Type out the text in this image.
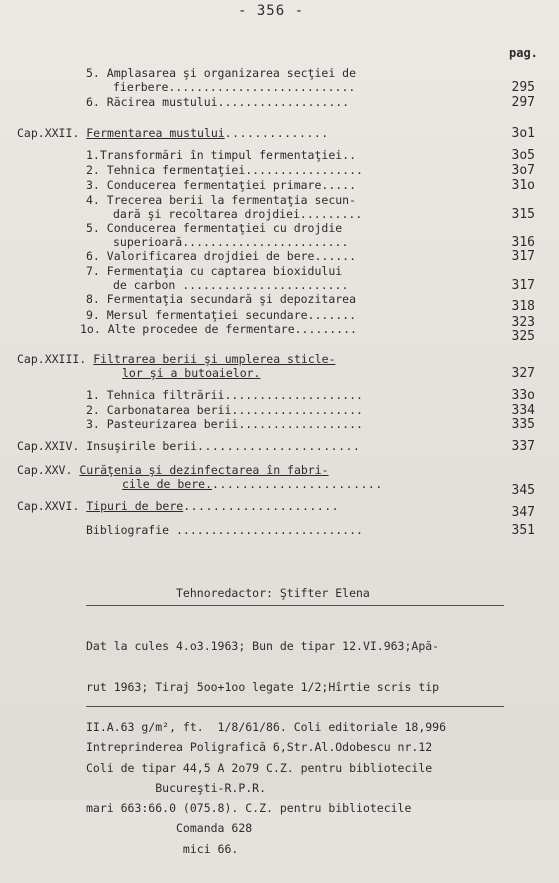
- 356 -
pag.
5. Amplasarea şi organizarea secţiei de
fierbere...........................	295
6. Răcirea mustului...................	297
Cap.XXII. Fermentarea mustului..............	3o1
1.Transformări în timpul fermentaţiei..	3o5
2. Tehnica fermentaţiei.................	3o7
3. Conducerea fermentaţiei primare.....	31o
4. Trecerea berii la fermentaţia secun-
dară şi recoltarea drojdiei.........	315
5. Conducerea fermentaţiei cu drojdie
superioară........................	316
6. Valorificarea drojdiei de bere......	317
7. Fermentaţia cu captarea bioxidului
de carbon ........................	317
8. Fermentaţia secundară şi depozitarea	318
9. Mersul fermentaţiei secundare.......	323
1o. Alte procedee de fermentare.........	325
Cap.XXIII. Filtrarea berii şi umplerea sticle-
lor şi a butoaielor.	327
1. Tehnica filtrării....................	33o
2. Carbonatarea berii...................	334
3. Pasteurizarea berii..................	335
Cap.XXIV. Insuşirile berii......................	337
Cap.XXV. Curăţenia şi dezinfectarea în fabri-
cile de bere........................	345
Cap.XXVI. Tipuri de bere.....................	347
Bibliografie ...........................	351
Tehnoredactor: Ştifter Elena

Dat la cules 4.o3.1963; Bun de tipar 12.VI.963;Apă-

rut 1963; Tiraj 5oo+1oo legate 1/2;Hîrtie scris tip

II.A.63 g/m², ft.  1/8/61/86. Coli editoriale 18,996

Coli de tipar 44,5 A 2o79 C.Z. pentru bibliotecile

mari 663:66.0 (075.8). C.Z. pentru bibliotecile

mici 66.

Intreprinderea Poligrafică 6,Str.Al.Odobescu nr.12

Bucureşti-R.P.R.

Comanda 628
